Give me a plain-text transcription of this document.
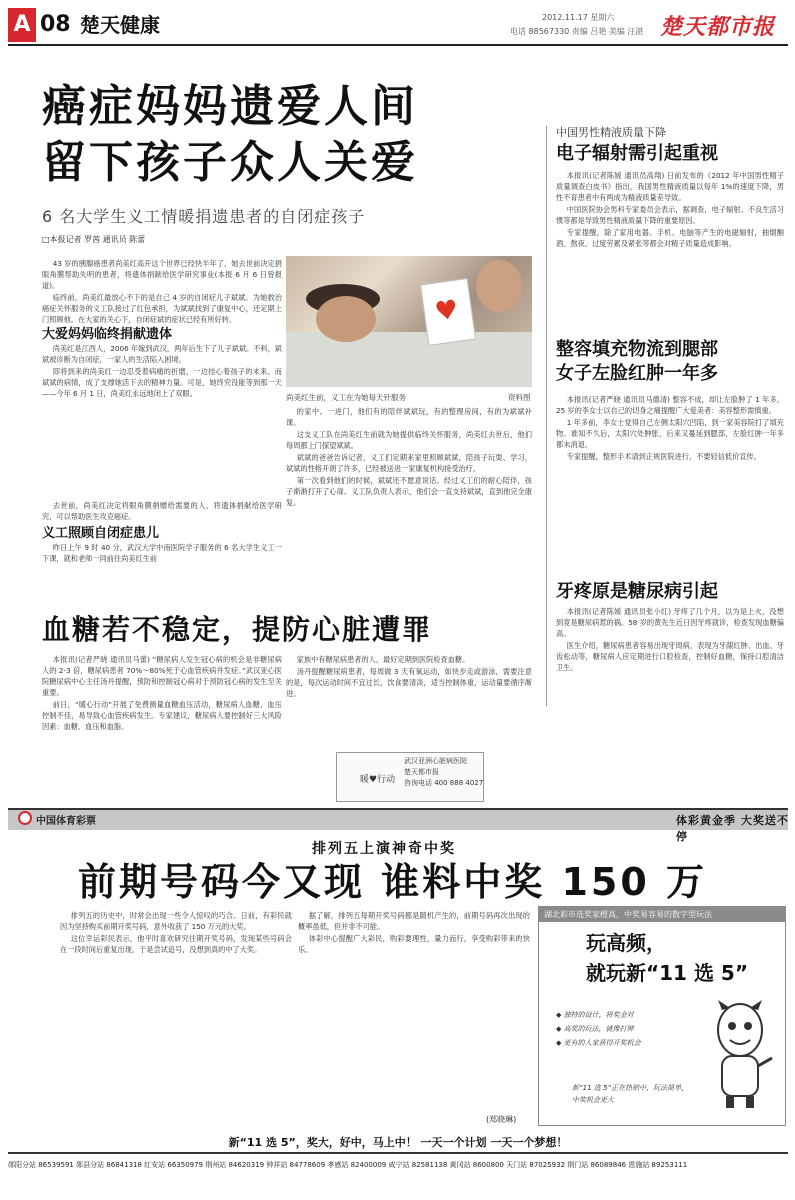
A 08 楚天健康	2012.11.17 星期六
电话 88567330 责编 吕艳 美编 汪湛 楚天都市报
癌症妈妈遗爱人间
留下孩子众人关爱
6 名大学生义工情暖捐遗患者的自闭症孩子
□本报记者 罗茜 通讯员 陈蕾
♥
尚美红生前，义工在为她每天针服务	资料图

43 岁的胰腺癌患者尚美红高开这个世界已经快半年了，她去世前决定捐眼角膜帮助失明的患者，将遗体捐献给医学研究事业(本报 6 月 6 日曾报道)。

临终前，尚美红最放心不下的是自己 4 岁的自闭症儿子斌斌。为她救治癌症关怀服务的义工队接过了红包承担，为斌斌找到了康复中心，还定期上门照顾他。在大家的关心下，自闭症斌的症状已经有所好转。

大爱妈妈临终捐献遗体

尚美红是江西人，2006 年嫁到武汉，两年后生下了儿子斌斌。不料，斌斌被诊断为自闭症，一家人的生活陷入困境。

即将到来的尚美红一边忍受着病痛的折磨，一边挂心着孩子的未来。而斌斌的病情，成了支撑她活下去的精神力量。可是，她终究没能等到那一天——今年 6 月 1 日，尚美红永远地闭上了双眼。

去世前，尚美红决定将眼角膜捐赠给需要的人，将遗体捐献给医学研究，可以帮助医生攻克癌症。

义工照顾自闭症患儿

昨日上午 9 时 40 分，武汉大学中南医院学子服务的 6 名大学生义工一下课，就和老师一同前往尚美红生前

的家中。一进门，他们有的陪伴斌斌玩，有的整理房间，有的为斌斌补课。

这支义工队在尚美红生前就为她提供临终关怀服务，尚美红去世后，他们每周都上门探望斌斌。

斌斌的爸爸告诉记者，义工们定期来家里照顾斌斌，陪孩子玩耍、学习，斌斌的性格开朗了许多，已经被送进一家康复机构接受治疗。

第一次看到他们的时候，斌斌还不愿意说话。经过义工们的耐心陪伴，孩子渐渐打开了心扉。义工队负责人表示，他们会一直支持斌斌，直到他完全康复。

血糖若不稳定，提防心脏遭罪

本报讯(记者严晓 通讯员马蕾) “糖尿病人发生冠心病的机会是非糖尿病人的 2-3 倍，糖尿病患者 70%～80%死于心血管疾病并发症。”武汉亚心医院糖尿病中心主任汤丹提醒，预防和控制冠心病对于预防冠心病的发生至关重要。

前日，“暖心行动”开展了免费测量血糖血压活动，糖尿病人血糖、血压控制不佳，易导致心血管疾病发生。专家建议，糖尿病人要控制好三大风险因素：血糖、血压和血脂。

家族中有糖尿病患者的人，最好定期到医院检查血糖。

汤丹提醒糖尿病患者，每周做 3 天有氧运动，如快步走或游泳，需要注意的是，每次运动时间不宜过长，饮食要清淡，适当控制体重，运动量要循序渐进。

暖♥行动
武汉亚洲心脏病医院
楚天都市报
咨询电话 400 888 4027
中国男性精液质量下降
电子辐射需引起重视

本报讯(记者陈媛 通讯员高翔) 日前发布的《2012 年中国男性精子质量调查白皮书》指出，我国男性精液质量以每年 1%的速度下降，男性不育患者中有两成为精液质量差导致。

中国医院协会男科专家委员会表示，据调查，电子辐射、不良生活习惯等都是导致男性精液质量下降的重要原因。

专家提醒，除了家用电器、手机、电脑等产生的电磁辐射，抽烟酗酒、熬夜、过度劳累及紧张等都会对精子质量造成影响。

整容填充物流到腮部
女子左脸红肿一年多

本报讯(记者严晓 通讯员马德清) 整容不成，却让左脸肿了 1 年多。25 岁的李女士以自己的切身之痛提醒广大爱美者：美容整形需慎重。

1 年多前，李女士觉得自己左侧太阳穴凹陷，到一家美容院打了填充物。谁知不久后，太阳穴处肿胀，后来又蔓延到腮部，左脸红肿一年多都未消退。

专家提醒，整形手术请到正规医院进行，不要轻信低价宣传。

牙疼原是糖尿病引起

本报讯(记者陈媛 通讯员张小红) 牙疼了几个月，以为是上火，没想到竟是糖尿病惹的祸。58 岁的黄先生近日因牙疼就诊，检查发现血糖偏高。

医生介绍，糖尿病患者容易出现牙周病，表现为牙龈红肿、出血、牙齿松动等，糖尿病人应定期进行口腔检查，控制好血糖，保持口腔清洁卫生。

中国体育彩票	体彩黄金季 大奖送不停
排列五上演神奇中奖
前期号码今又现 谁料中奖 150 万

排列五的历史中，时常会出现一些令人惊叹的巧合。日前，有彩民就因为坚持购买前期开奖号码，意外收获了 150 万元的大奖。

这位幸运彩民表示，他平时喜欢研究往期开奖号码，发现某些号码会在一段时间后重复出现，于是尝试追号，没想到真的中了大奖。

据了解，排列五每期开奖号码都是随机产生的，前期号码再次出现的概率虽低，但并非不可能。

体彩中心提醒广大彩民，购彩要理性，量力而行，享受购彩带来的快乐。

(郑晓琳)
湖北彩市选奖家橙高，中奖易容易的数字型玩法
玩高频，
就玩新“11 选 5”
◆ 独特的设计，将奖金对
◆ 高奖的玩法，就像打牌
◆ 更有的人家获得开奖机会
新“11 选 5”正在热销中，玩法简单，中奖机会更大
新“11 选 5”，奖大，好中，马上中！ 一天一个计划 一天一个梦想！
郧阳分站 86539591 郧县分站 86841318 红安站 66350979 荆州站 84620319 钟祥站 84778609 孝感站 82400009 咸宁站 82581138 黄冈站 8600800 天门站 87025932 荆门站 86089846 恩施站 89253111
